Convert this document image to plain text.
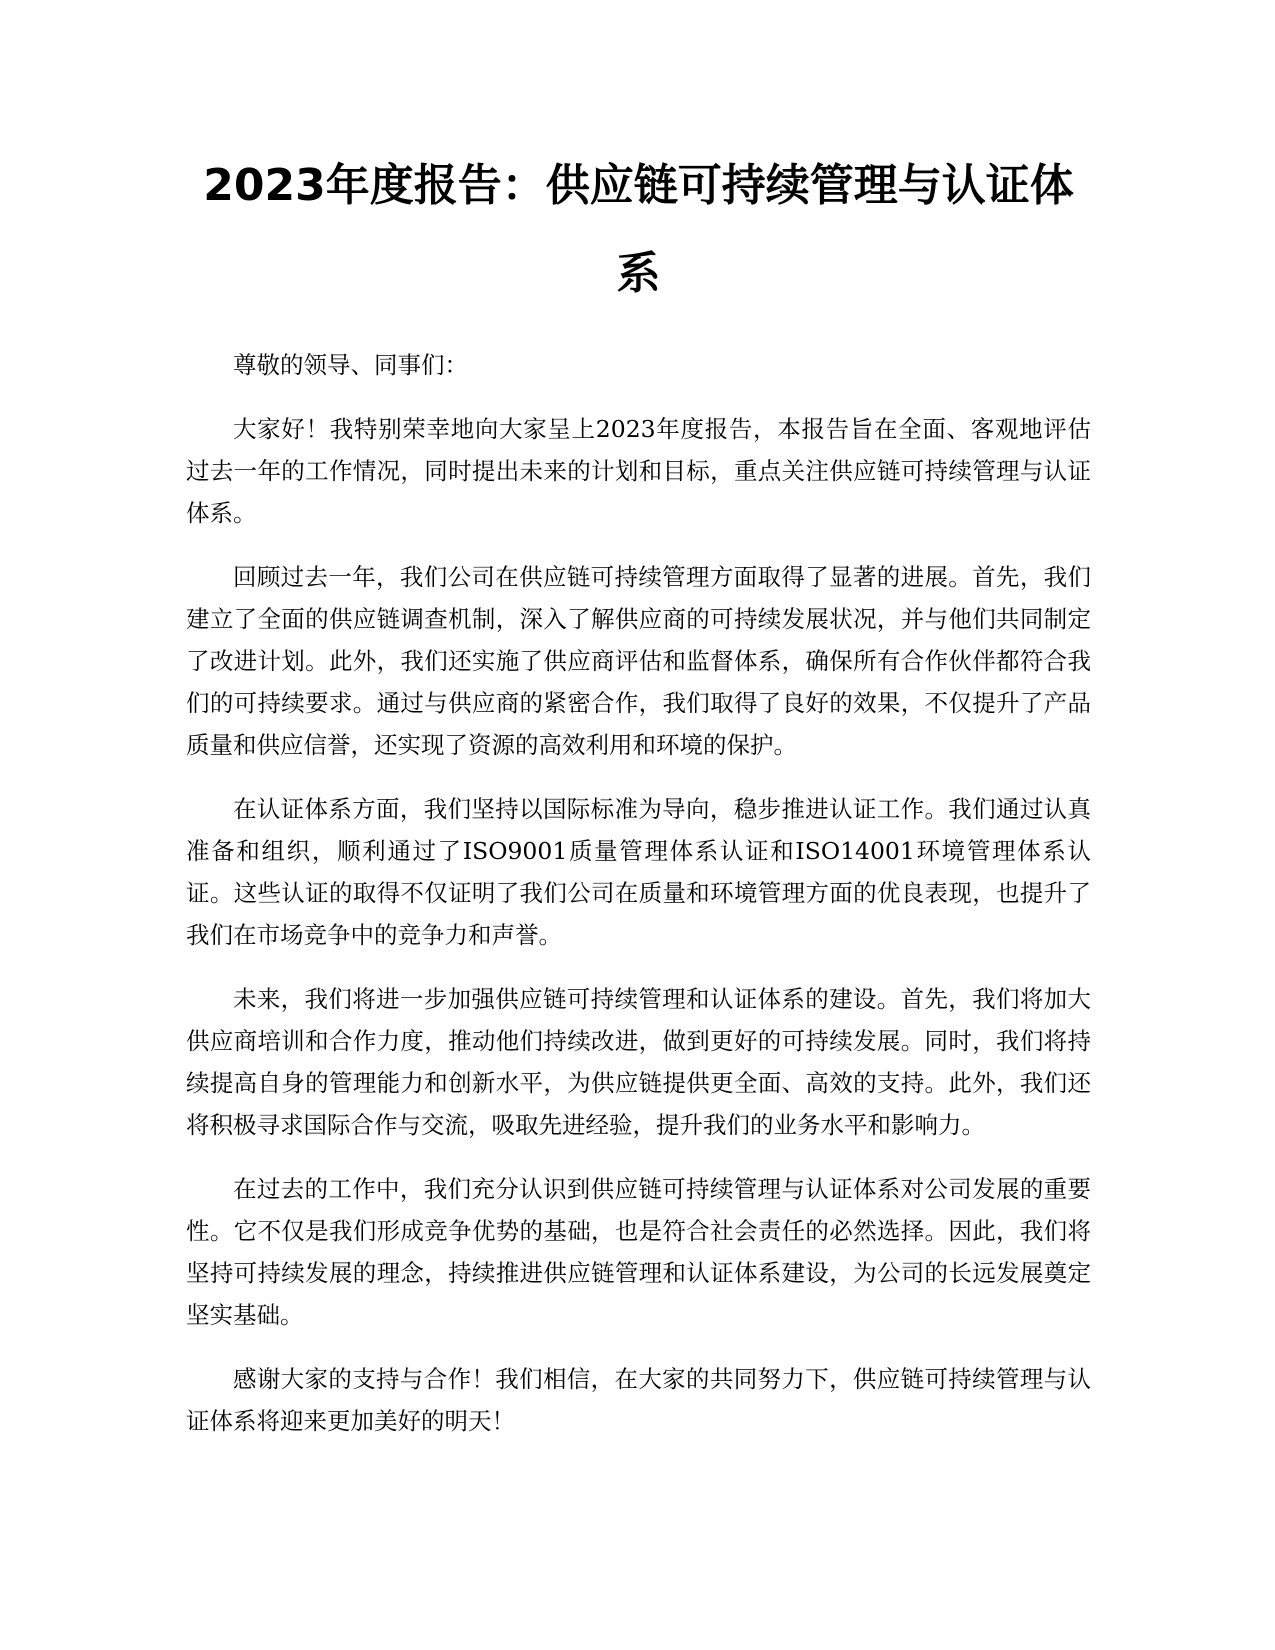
2023年度报告：供应链可持续管理与认证体系

尊敬的领导、同事们：

大家好！我特别荣幸地向大家呈上2023年度报告，本报告旨在全面、客观地评估过去一年的工作情况，同时提出未来的计划和目标，重点关注供应链可持续管理与认证体系。

回顾过去一年，我们公司在供应链可持续管理方面取得了显著的进展。首先，我们建立了全面的供应链调查机制，深入了解供应商的可持续发展状况，并与他们共同制定了改进计划。此外，我们还实施了供应商评估和监督体系，确保所有合作伙伴都符合我们的可持续要求。通过与供应商的紧密合作，我们取得了良好的效果，不仅提升了产品质量和供应信誉，还实现了资源的高效利用和环境的保护。

在认证体系方面，我们坚持以国际标准为导向，稳步推进认证工作。我们通过认真准备和组织，顺利通过了ISO9001质量管理体系认证和ISO14001环境管理体系认证。这些认证的取得不仅证明了我们公司在质量和环境管理方面的优良表现，也提升了我们在市场竞争中的竞争力和声誉。

未来，我们将进一步加强供应链可持续管理和认证体系的建设。首先，我们将加大供应商培训和合作力度，推动他们持续改进，做到更好的可持续发展。同时，我们将持续提高自身的管理能力和创新水平，为供应链提供更全面、高效的支持。此外，我们还将积极寻求国际合作与交流，吸取先进经验，提升我们的业务水平和影响力。

在过去的工作中，我们充分认识到供应链可持续管理与认证体系对公司发展的重要性。它不仅是我们形成竞争优势的基础，也是符合社会责任的必然选择。因此，我们将坚持可持续发展的理念，持续推进供应链管理和认证体系建设，为公司的长远发展奠定坚实基础。

感谢大家的支持与合作！我们相信，在大家的共同努力下，供应链可持续管理与认证体系将迎来更加美好的明天！
